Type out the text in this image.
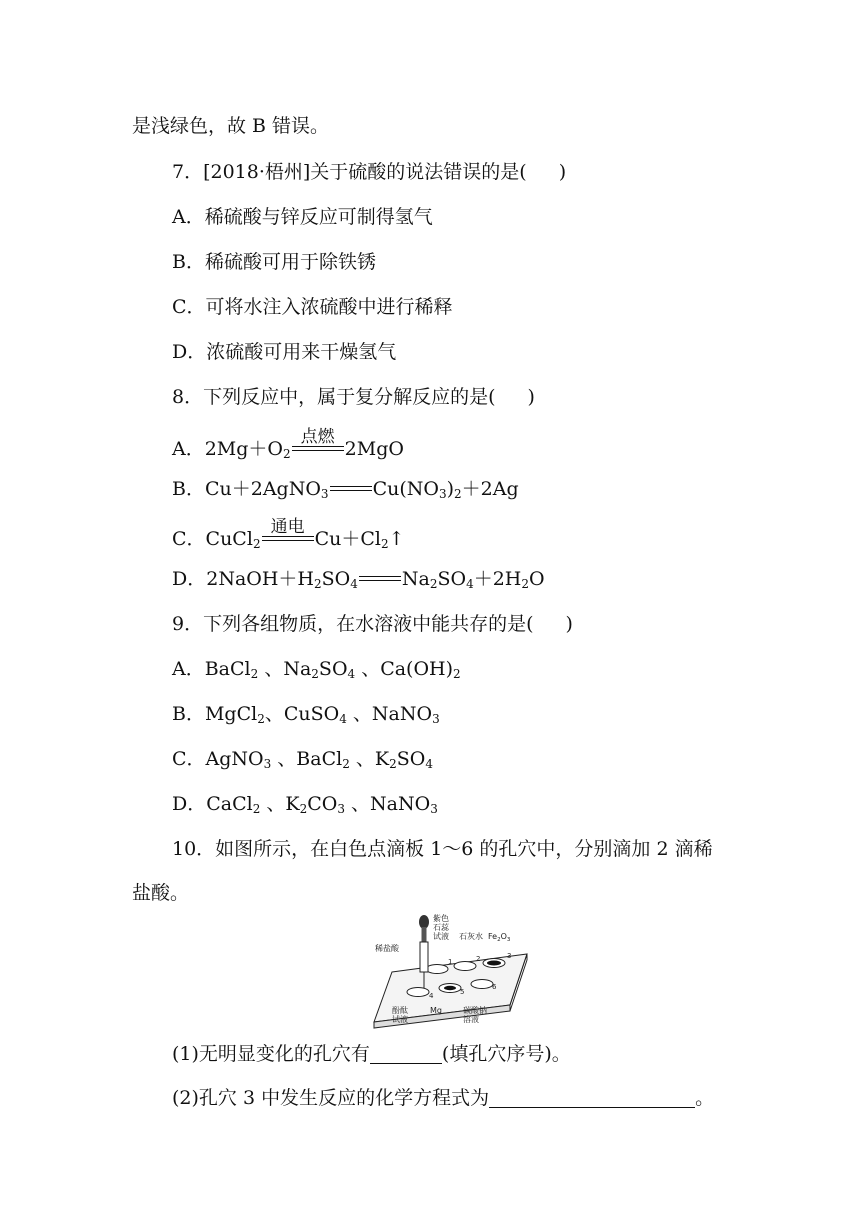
是浅绿色，故 B 错误。
7．[2018·梧州]关于硫酸的说法错误的是( )
A．稀硫酸与锌反应可制得氢气
B．稀硫酸可用于除铁锈
C．可将水注入浓硫酸中进行稀释
D．浓硫酸可用来干燥氢气
8．下列反应中，属于复分解反应的是( )
A．$2Mg+O_2$
点燃
2MgO
B．Cu＋2AgNO$_3$ $Cu(NO_3)_2+2Ag$
C．CuCl$_2$
通电
$Cu+Cl_2↑$
D．$2NaOH+H_2SO_4$ $Na_2SO_4+2H_2O$
9．下列各组物质，在水溶液中能共存的是( )
A．BaCl$_2$ 、$Na_2SO_4$ 、$Ca(OH)_2$
B．MgCl$_2$、CuSO$_4$ 、NaNO$_3$
C．AgNO$_3$ 、BaCl$_2$ 、$K_2SO_4$
D．CaCl$_2$ 、$K_2CO_3$ 、NaNO$_3$
10．如图所示，在白色点滴板 1～6 的孔穴中，分别滴加 2 滴稀
盐酸。
紫色
石蕊
试液
稀盐酸
石灰水 $Fe_2O_3$
1	2	3
4	5
6
酚酞
试液
Mg	碳酸钠
溶液
(1)无明显变化的孔穴有	(填孔穴序号)。
(2)孔穴 3 中发生反应的化学方程式为	。
